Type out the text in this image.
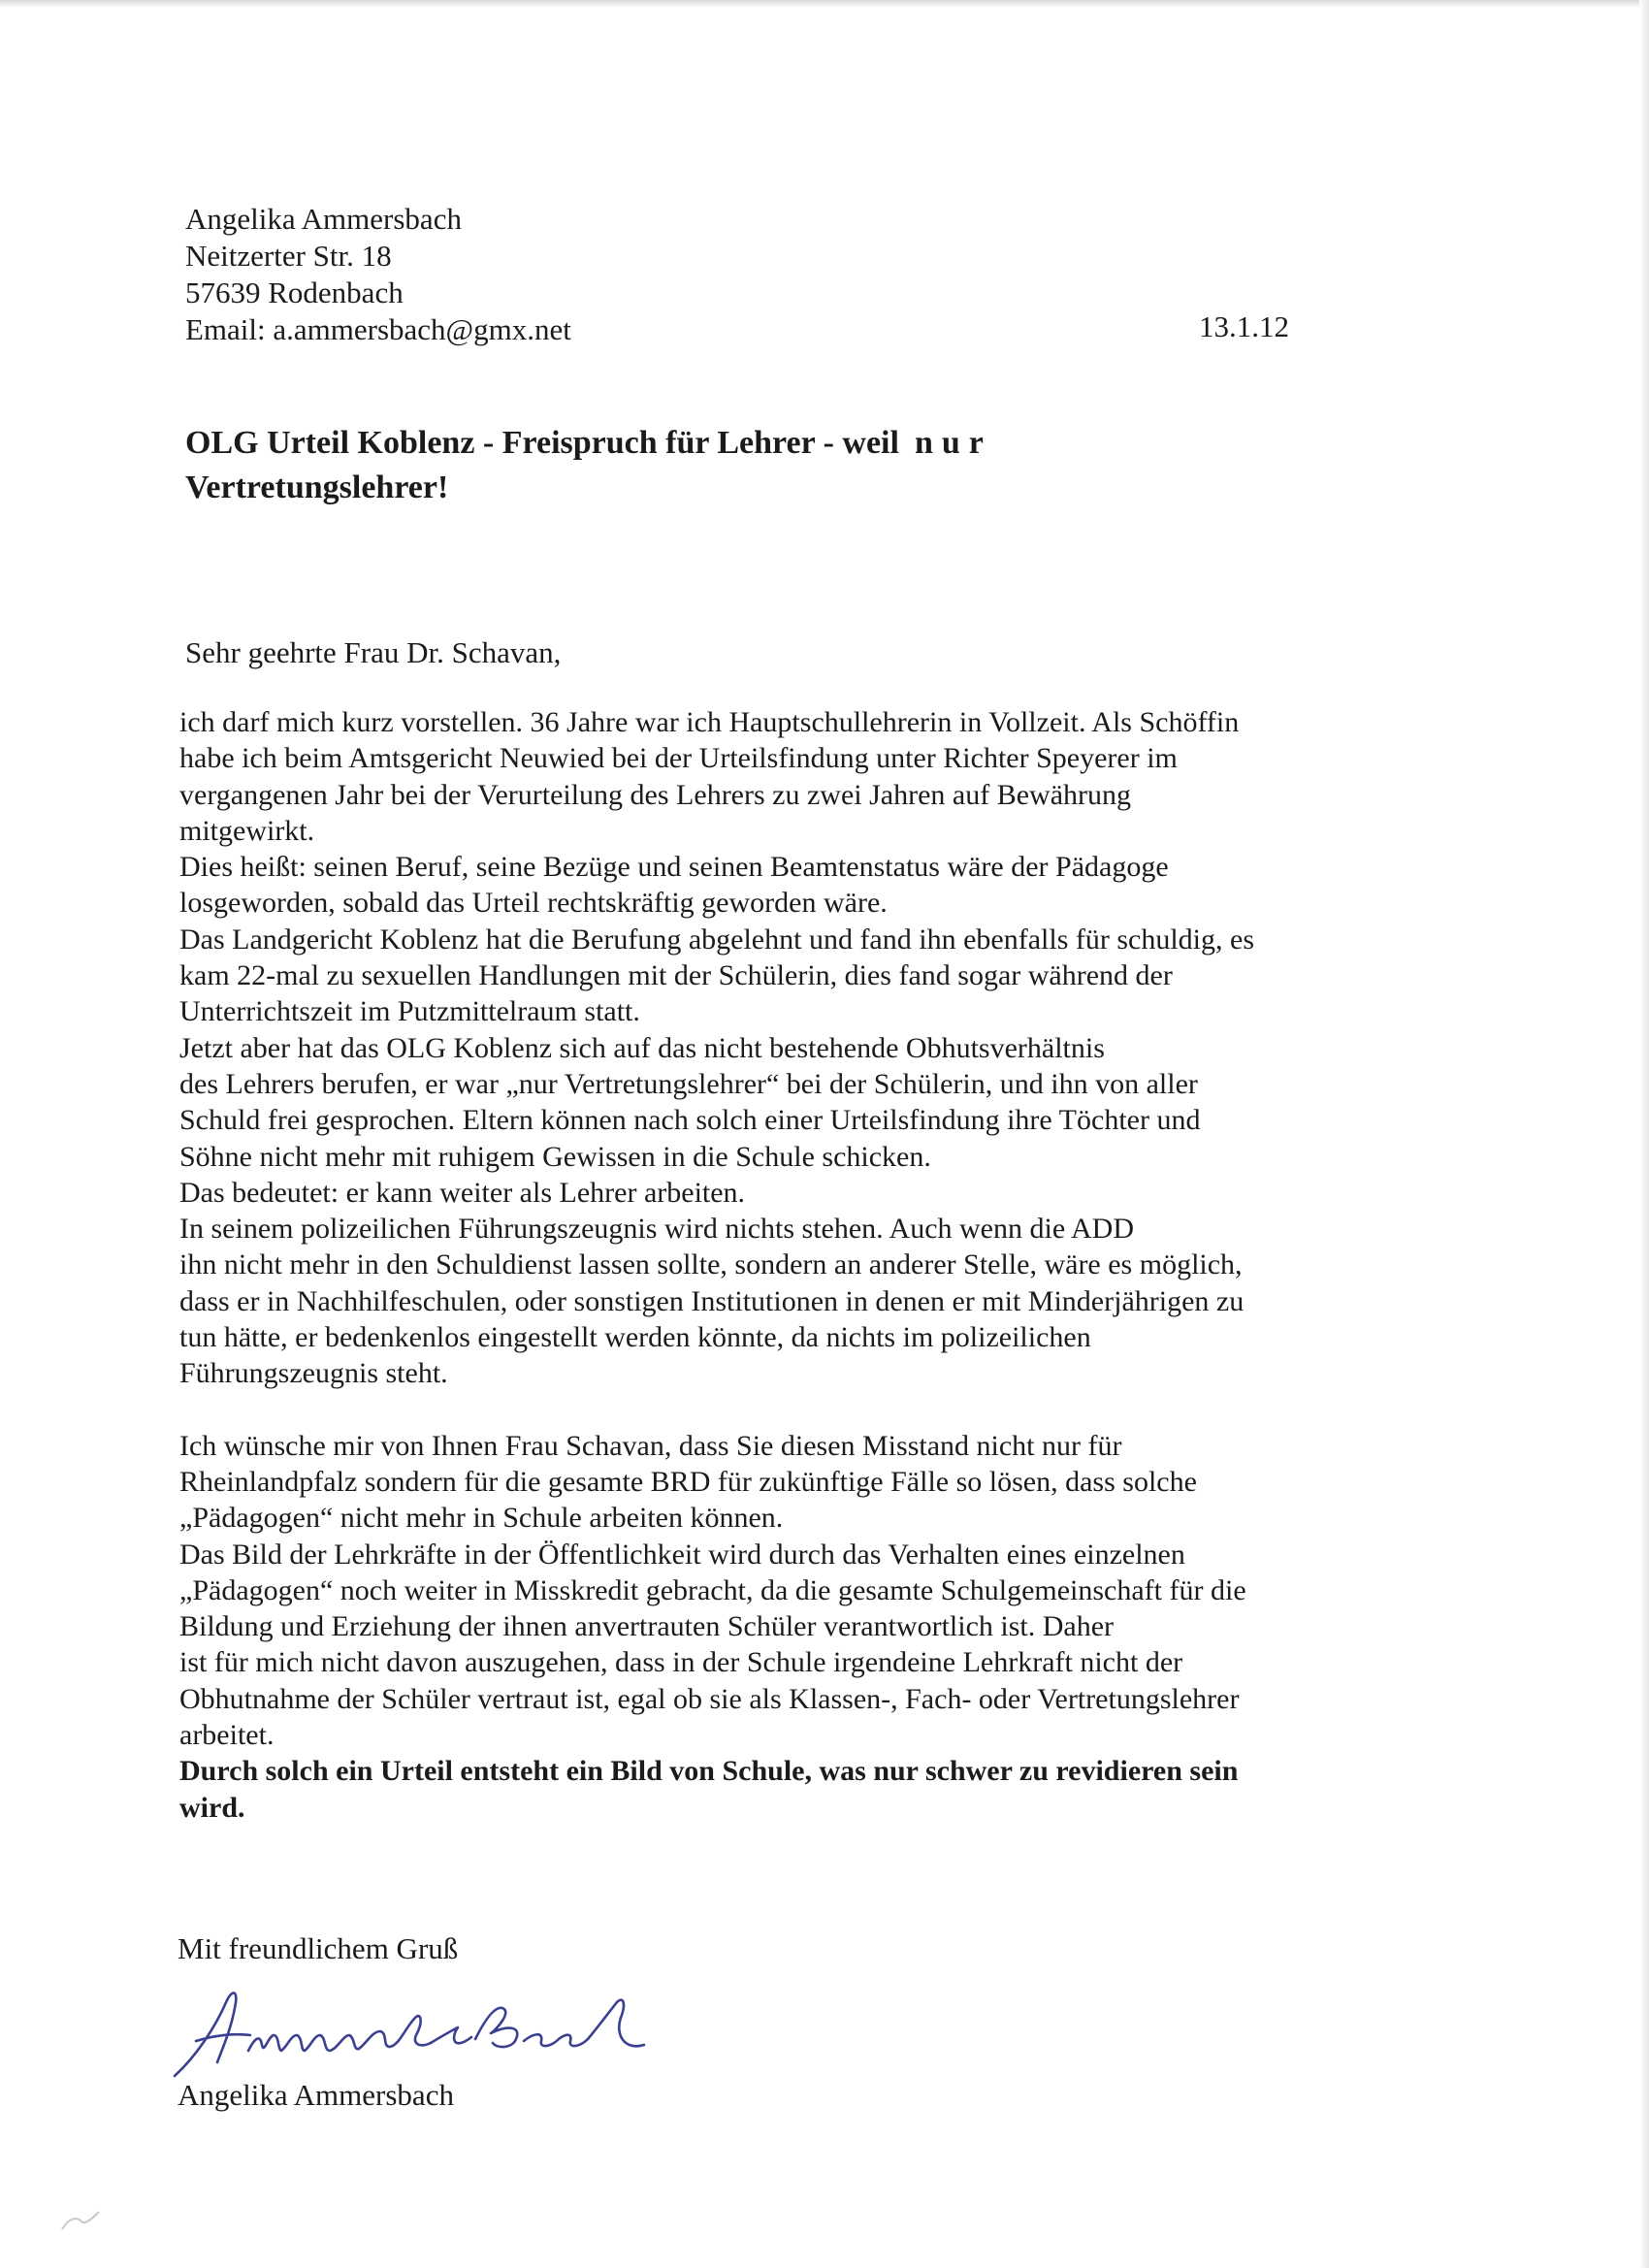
Angelika Ammersbach
Neitzerter Str. 18
57639 Rodenbach
Email: a.ammersbach@gmx.net	13.1.12
OLG Urteil Koblenz - Freispruch für Lehrer - weil nur
Vertretungslehrer!
Sehr geehrte Frau Dr. Schavan,
ich darf mich kurz vorstellen. 36 Jahre war ich Hauptschullehrerin in Vollzeit. Als Schöffin
habe ich beim Amtsgericht Neuwied bei der Urteilsfindung unter Richter Speyerer im
vergangenen Jahr bei der Verurteilung des Lehrers zu zwei Jahren auf Bewährung
mitgewirkt.
Dies heißt: seinen Beruf, seine Bezüge und seinen Beamtenstatus wäre der Pädagoge
losgeworden, sobald das Urteil rechtskräftig geworden wäre.
Das Landgericht Koblenz hat die Berufung abgelehnt und fand ihn ebenfalls für schuldig, es
kam 22-mal zu sexuellen Handlungen mit der Schülerin, dies fand sogar während der
Unterrichtszeit im Putzmittelraum statt.
Jetzt aber hat das OLG Koblenz sich auf das nicht bestehende Obhutsverhältnis
des Lehrers berufen, er war „nur Vertretungslehrer“ bei der Schülerin, und ihn von aller
Schuld frei gesprochen. Eltern können nach solch einer Urteilsfindung ihre Töchter und
Söhne nicht mehr mit ruhigem Gewissen in die Schule schicken.
Das bedeutet: er kann weiter als Lehrer arbeiten.
In seinem polizeilichen Führungszeugnis wird nichts stehen. Auch wenn die ADD
ihn nicht mehr in den Schuldienst lassen sollte, sondern an anderer Stelle, wäre es möglich,
dass er in Nachhilfeschulen, oder sonstigen Institutionen in denen er mit Minderjährigen zu
tun hätte, er bedenkenlos eingestellt werden könnte, da nichts im polizeilichen
Führungszeugnis steht.
Ich wünsche mir von Ihnen Frau Schavan, dass Sie diesen Misstand nicht nur für
Rheinlandpfalz sondern für die gesamte BRD für zukünftige Fälle so lösen, dass solche
„Pädagogen“ nicht mehr in Schule arbeiten können.
Das Bild der Lehrkräfte in der Öffentlichkeit wird durch das Verhalten eines einzelnen
„Pädagogen“ noch weiter in Misskredit gebracht, da die gesamte Schulgemeinschaft für die
Bildung und Erziehung der ihnen anvertrauten Schüler verantwortlich ist. Daher
ist für mich nicht davon auszugehen, dass in der Schule irgendeine Lehrkraft nicht der
Obhutnahme der Schüler vertraut ist, egal ob sie als Klassen-, Fach- oder Vertretungslehrer
arbeitet.
Durch solch ein Urteil entsteht ein Bild von Schule, was nur schwer zu revidieren sein
wird.
Mit freundlichem Gruß
Angelika Ammersbach
